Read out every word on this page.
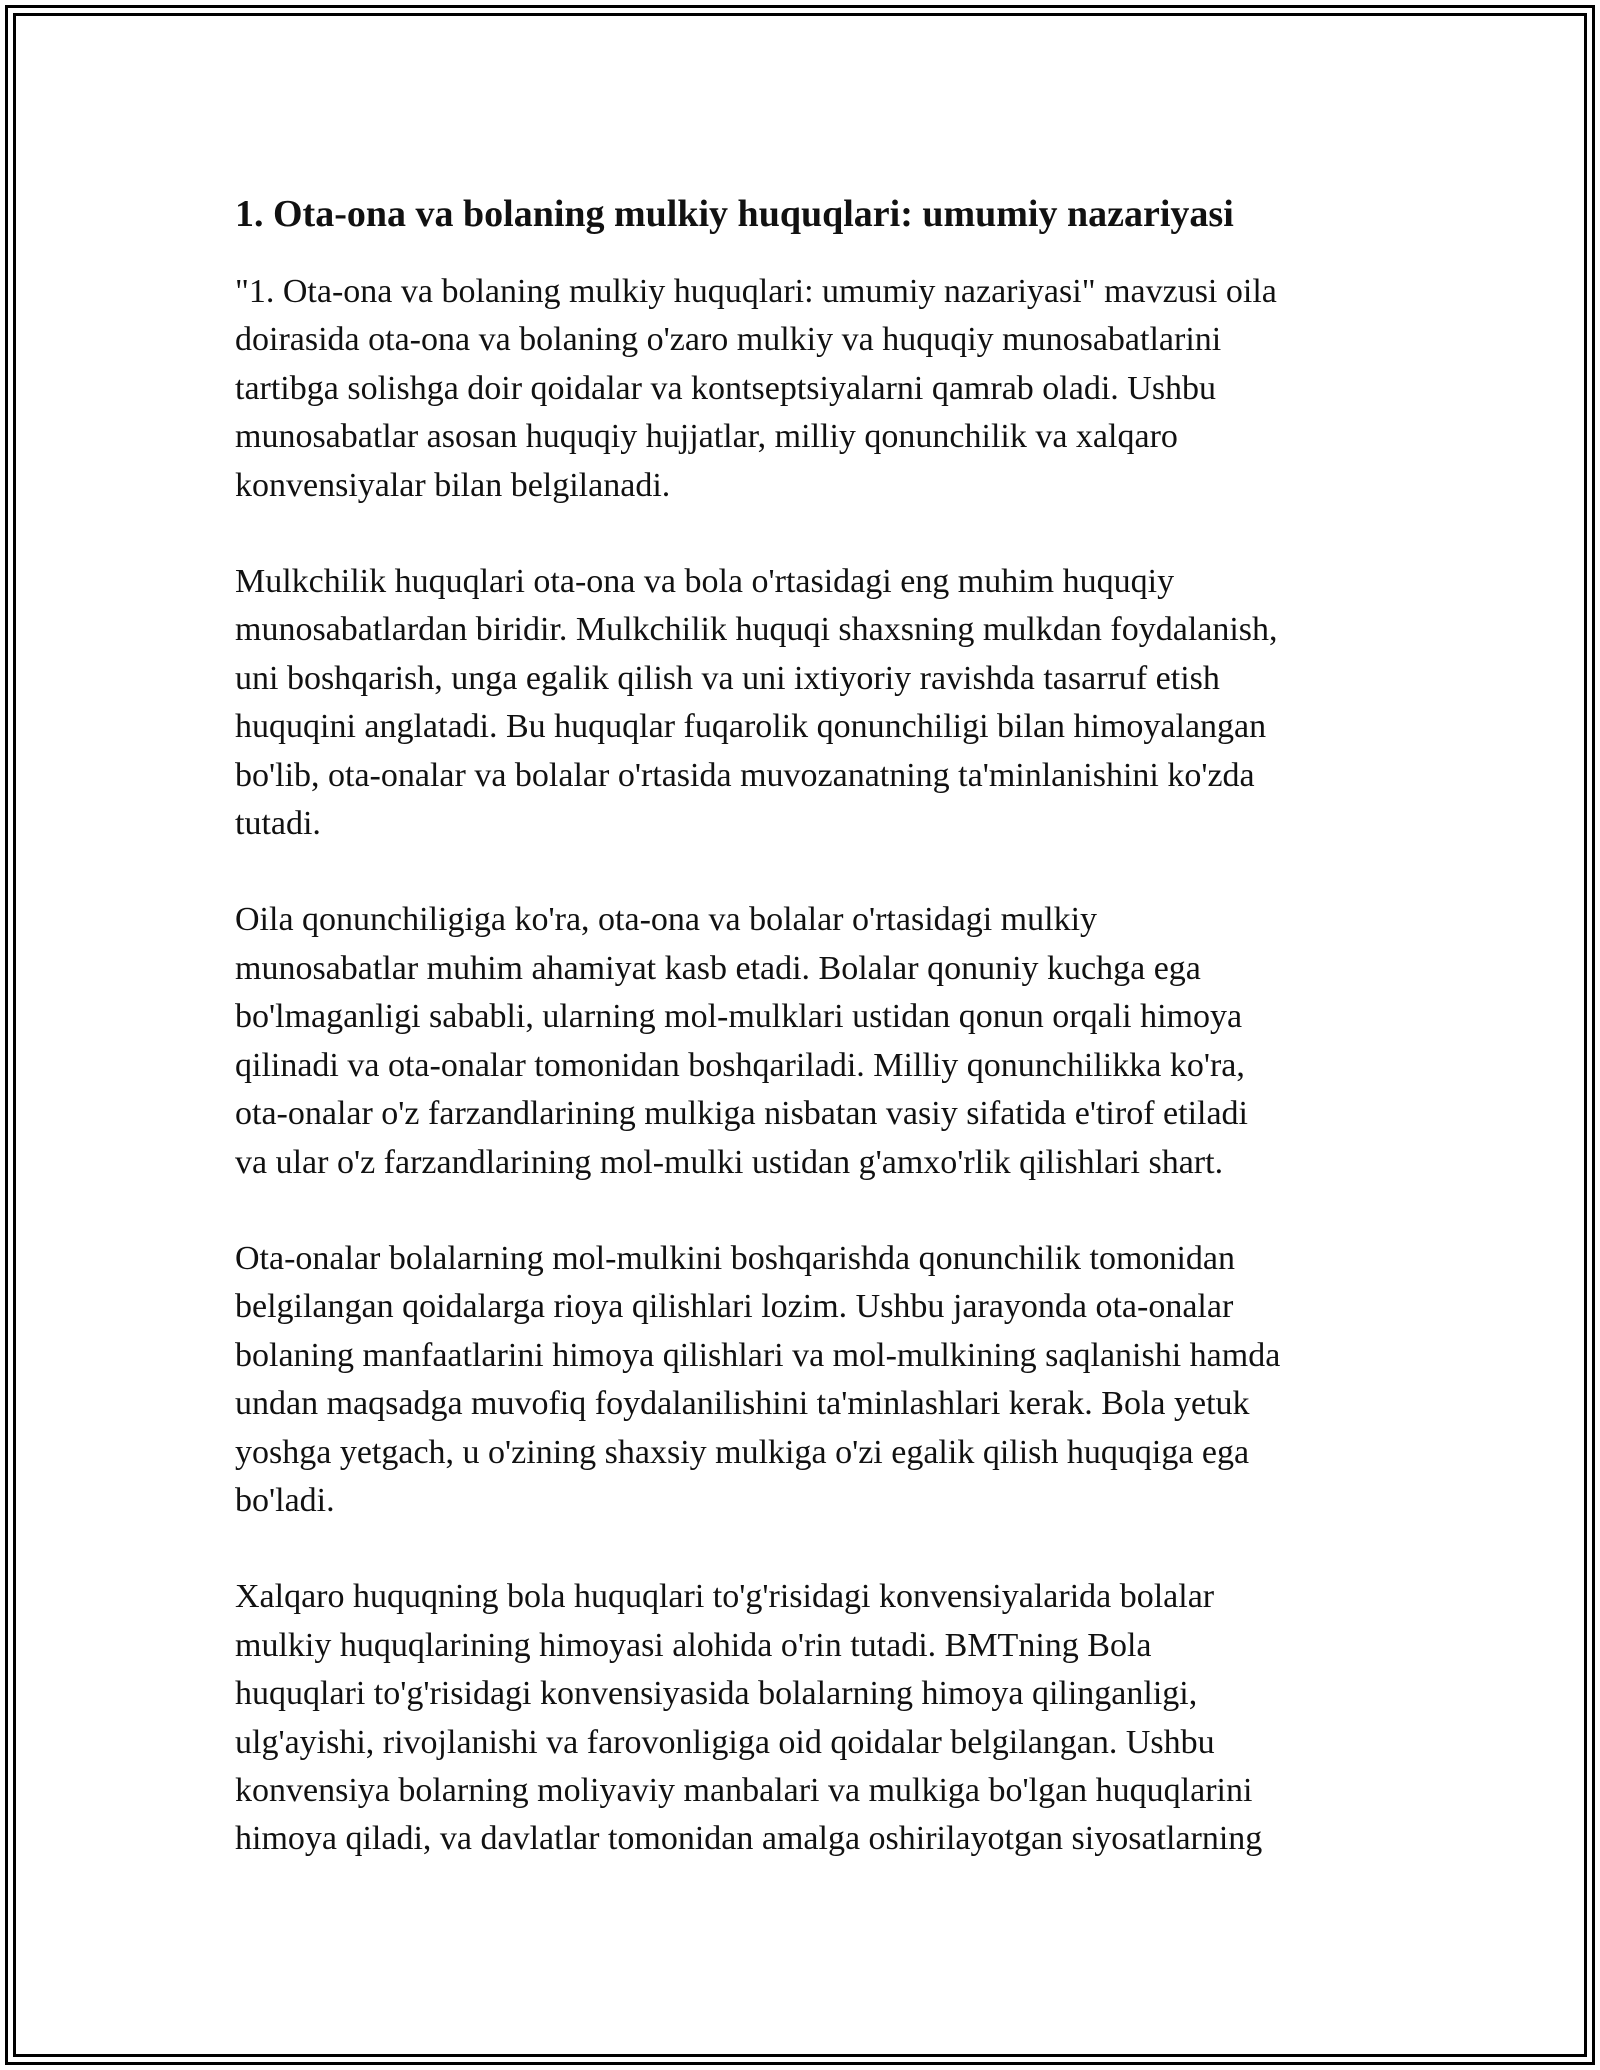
1. Ota-ona va bolaning mulkiy huquqlari: umumiy nazariyasi
"1. Ota-ona va bolaning mulkiy huquqlari: umumiy nazariyasi" mavzusi oila
doirasida ota-ona va bolaning o'zaro mulkiy va huquqiy munosabatlarini
tartibga solishga doir qoidalar va kontseptsiyalarni qamrab oladi. Ushbu
munosabatlar asosan huquqiy hujjatlar, milliy qonunchilik va xalqaro
konvensiyalar bilan belgilanadi.
Mulkchilik huquqlari ota-ona va bola o'rtasidagi eng muhim huquqiy
munosabatlardan biridir. Mulkchilik huquqi shaxsning mulkdan foydalanish,
uni boshqarish, unga egalik qilish va uni ixtiyoriy ravishda tasarruf etish
huquqini anglatadi. Bu huquqlar fuqarolik qonunchiligi bilan himoyalangan
bo'lib, ota-onalar va bolalar o'rtasida muvozanatning ta'minlanishini ko'zda
tutadi.
Oila qonunchiligiga ko'ra, ota-ona va bolalar o'rtasidagi mulkiy
munosabatlar muhim ahamiyat kasb etadi. Bolalar qonuniy kuchga ega
bo'lmaganligi sababli, ularning mol-mulklari ustidan qonun orqali himoya
qilinadi va ota-onalar tomonidan boshqariladi. Milliy qonunchilikka ko'ra,
ota-onalar o'z farzandlarining mulkiga nisbatan vasiy sifatida e'tirof etiladi
va ular o'z farzandlarining mol-mulki ustidan g'amxo'rlik qilishlari shart.
Ota-onalar bolalarning mol-mulkini boshqarishda qonunchilik tomonidan
belgilangan qoidalarga rioya qilishlari lozim. Ushbu jarayonda ota-onalar
bolaning manfaatlarini himoya qilishlari va mol-mulkining saqlanishi hamda
undan maqsadga muvofiq foydalanilishini ta'minlashlari kerak. Bola yetuk
yoshga yetgach, u o'zining shaxsiy mulkiga o'zi egalik qilish huquqiga ega
bo'ladi.
Xalqaro huquqning bola huquqlari to'g'risidagi konvensiyalarida bolalar
mulkiy huquqlarining himoyasi alohida o'rin tutadi. BMTning Bola
huquqlari to'g'risidagi konvensiyasida bolalarning himoya qilinganligi,
ulg'ayishi, rivojlanishi va farovonligiga oid qoidalar belgilangan. Ushbu
konvensiya bolarning moliyaviy manbalari va mulkiga bo'lgan huquqlarini
himoya qiladi, va davlatlar tomonidan amalga oshirilayotgan siyosatlarning
